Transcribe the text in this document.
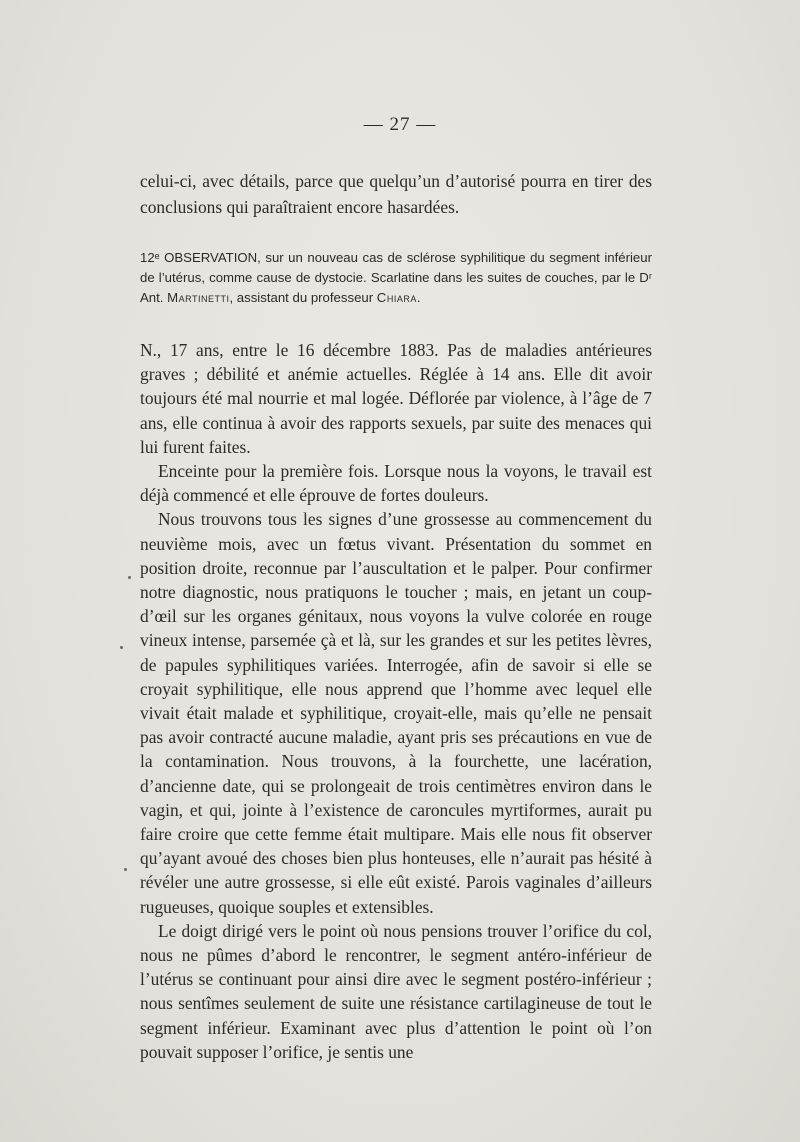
— 27 —

celui-ci, avec détails, parce que quelqu’un d’autorisé pourra en tirer des conclusions qui paraîtraient encore hasardées.

12ᵉ OBSERVATION, sur un nouveau cas de sclérose syphilitique du segment inférieur de l’utérus, comme cause de dystocie. Scarlatine dans les suites de couches, par le Dʳ Ant. Martinetti, assistant du professeur Chiara.

N., 17 ans, entre le 16 décembre 1883. Pas de maladies antérieures graves ; débilité et anémie actuelles. Réglée à 14 ans. Elle dit avoir toujours été mal nourrie et mal logée. Déflorée par violence, à l’âge de 7 ans, elle continua à avoir des rapports sexuels, par suite des menaces qui lui furent faites.

Enceinte pour la première fois. Lorsque nous la voyons, le travail est déjà commencé et elle éprouve de fortes douleurs.

Nous trouvons tous les signes d’une grossesse au commencement du neuvième mois, avec un fœtus vivant. Présentation du sommet en position droite, reconnue par l’auscultation et le palper. Pour confirmer notre diagnostic, nous pratiquons le toucher ; mais, en jetant un coup-d’œil sur les organes génitaux, nous voyons la vulve colorée en rouge vineux intense, parsemée çà et là, sur les grandes et sur les petites lèvres, de papules syphilitiques variées. Interrogée, afin de savoir si elle se croyait syphilitique, elle nous apprend que l’homme avec lequel elle vivait était malade et syphilitique, croyait-elle, mais qu’elle ne pensait pas avoir contracté aucune maladie, ayant pris ses précautions en vue de la contamination. Nous trouvons, à la fourchette, une lacération, d’ancienne date, qui se prolongeait de trois centimètres environ dans le vagin, et qui, jointe à l’existence de caroncules myrtiformes, aurait pu faire croire que cette femme était multipare. Mais elle nous fit observer qu’ayant avoué des choses bien plus honteuses, elle n’aurait pas hésité à révéler une autre grossesse, si elle eût existé. Parois vaginales d’ailleurs rugueuses, quoique souples et extensibles.

Le doigt dirigé vers le point où nous pensions trouver l’orifice du col, nous ne pûmes d’abord le rencontrer, le segment antéro-inférieur de l’utérus se continuant pour ainsi dire avec le segment postéro-inférieur ; nous sentîmes seulement de suite une résistance cartilagineuse de tout le segment inférieur. Examinant avec plus d’attention le point où l’on pouvait supposer l’orifice, je sentis une
